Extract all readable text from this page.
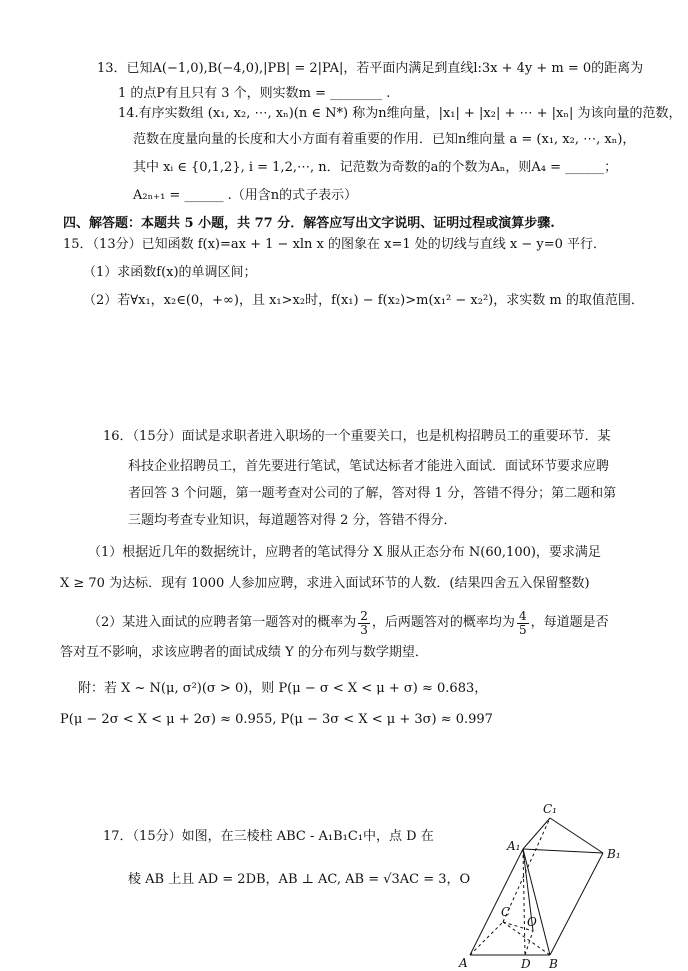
13．已知A(−1,0),B(−4,0),|PB| = 2|PA|，若平面内满足到直线l:3x + 4y + m = 0的距离为
1 的点P有且只有 3 个，则实数m = ________ .
14.有序实数组 (x₁, x₂, ⋯, xₙ)(n ∈ N*) 称为n维向量，|x₁| + |x₂| + ⋯ + |xₙ| 为该向量的范数，
范数在度量向量的长度和大小方面有着重要的作用．已知n维向量 a = (x₁, x₂, ⋯, xₙ)，
其中 xᵢ ∈ {0,1,2}, i = 1,2,⋯, n．记范数为奇数的a的个数为Aₙ，则A₄ = ______；
A₂ₙ₊₁ = ______ .（用含n的式子表示）
四、解答题：本题共 5 小题，共 77 分．解答应写出文字说明、证明过程或演算步骤.
15．（13分）已知函数 f(x)=ax + 1 − xln x 的图象在 x=1 处的切线与直线 x − y=0 平行．
（1）求函数f(x)的单调区间；
（2）若∀x₁，x₂∈(0，+∞)，且 x₁>x₂时，f(x₁) − f(x₂)>m(x₁² − x₂²)，求实数 m 的取值范围．
16．（15分）面试是求职者进入职场的一个重要关口，也是机构招聘员工的重要环节．某
科技企业招聘员工，首先要进行笔试，笔试达标者才能进入面试．面试环节要求应聘
者回答 3 个问题，第一题考查对公司的了解，答对得 1 分，答错不得分；第二题和第
三题均考查专业知识，每道题答对得 2 分，答错不得分．
（1）根据近几年的数据统计，应聘者的笔试得分 X 服从正态分布 N(60,100)，要求满足
X ≥ 70 为达标．现有 1000 人参加应聘，求进入面试环节的人数．(结果四舍五入保留整数)
（2）某进入面试的应聘者第一题答对的概率为 $\frac{2}{3}$ ，后两题答对的概率均为 $\frac{4}{5}$ ，每道题是否
答对互不影响，求该应聘者的面试成绩 Y 的分布列与数学期望．
附：若 X ~ N(μ, σ²)(σ > 0)，则 P(μ − σ < X < μ + σ) ≈ 0.683，
P(μ − 2σ < X < μ + 2σ) ≈ 0.955, P(μ − 3σ < X < μ + 3σ) ≈ 0.997
17．（15分）如图，在三棱柱 ABC - A₁B₁C₁中，点 D 在
棱 AB 上且 AD = 2DB，AB ⊥ AC, AB = √3AC = 3，O
C₁
A₁
B₁
C
O
A	D B
